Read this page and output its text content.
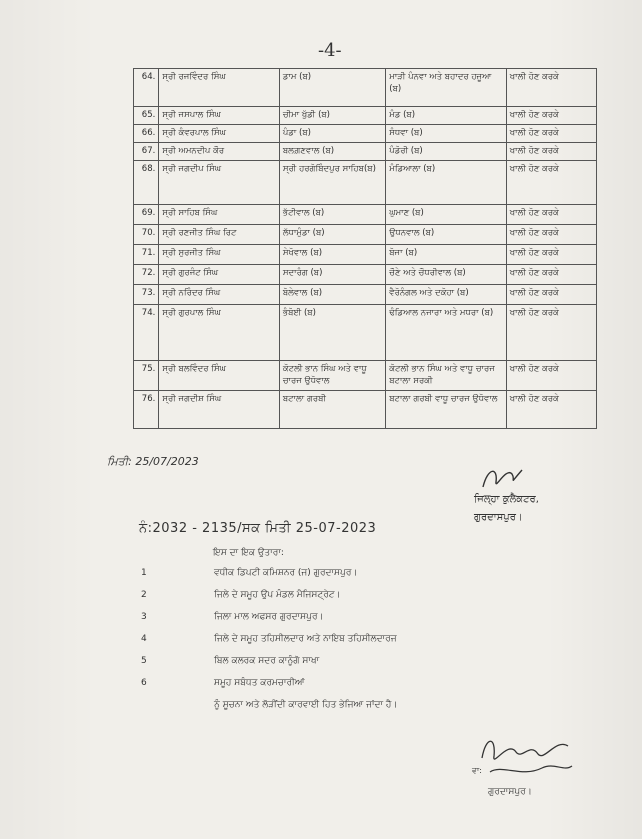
-4-
64.	ਸ੍ਰੀ ਰਜਵਿੰਦਰ ਸਿੰਘ	ਡਾਮ (ਬ)	ਮਾੜੀ ਪੰਨਵਾ ਅਤੇ ਬਹਾਦਰ ਹਜੂਆ (ਬ)	ਖਾਲੀ ਹੋਣ ਕਰਕੇ
65.	ਸ੍ਰੀ ਜਸਪਾਲ ਸਿੰਘ	ਚੀਮਾ ਖੁੱਡੀ (ਬ)	ਮੰਡ (ਬ)	ਖਾਲੀ ਹੋਣ ਕਰਕੇ
66.	ਸ੍ਰੀ ਕੰਵਰਪਾਲ ਸਿੰਘ	ਪੰਡਾ (ਬ)	ਸੰਧਵਾ (ਬ)	ਖਾਲੀ ਹੋਣ ਕਰਕੇ
67.	ਸ੍ਰੀ ਅਮਨਦੀਪ ਕੌਰ	ਬਲਗ਼ਣਵਾਲ (ਬ)	ਪੰਡੋਰੀ (ਬ)	ਖਾਲੀ ਹੋਣ ਕਰਕੇ
68.	ਸ੍ਰੀ ਜਗਦੀਪ ਸਿੰਘ	ਸ੍ਰੀ ਹਰਗੋਬਿੰਦਪੁਰ ਸਾਹਿਬ(ਬ)	ਮੰਡਿਆਲਾ (ਬ)	ਖਾਲੀ ਹੋਣ ਕਰਕੇ
69.	ਸ੍ਰੀ ਸਾਹਿਬ ਸਿੰਘ	ਭੱਟੀਵਾਲ (ਬ)	ਘੁਮਾਣ (ਬ)	ਖਾਲੀ ਹੋਣ ਕਰਕੇ
70.	ਸ੍ਰੀ ਰਣਜੀਤ ਸਿੰਘ ਰਿਟ	ਲੱਧਾਮੁੰਡਾ (ਬ)	ਉਧਨਵਾਲ (ਬ)	ਖਾਲੀ ਹੋਣ ਕਰਕੇ
71.	ਸ੍ਰੀ ਸੁਰਜੀਤ ਸਿੰਘ	ਸੇਖੋਵਾਲ (ਬ)	ਬੋਜਾ (ਬ)	ਖਾਲੀ ਹੋਣ ਕਰਕੇ
72.	ਸ੍ਰੀ ਗੁਰਜੰਟ ਸਿੰਘ	ਸਦਾਰੰਗ (ਬ)	ਚੌਣੇ ਅਤੇ ਚੌਧਰੀਵਾਲ (ਬ)	ਖਾਲੀ ਹੋਣ ਕਰਕੇ
73.	ਸ੍ਰੀ ਨਰਿੰਦਰ ਸਿੰਘ	ਬੋਲੇਵਾਲ (ਬ)	ਵੈਰੋਨੰਗਲ ਅਤੇ ਦਕੋਹਾ (ਬ)	ਖਾਲੀ ਹੋਣ ਕਰਕੇ
74.	ਸ੍ਰੀ ਗੁਰਪਾਲ ਸਿੰਘ	ਭੰਬੋਈ (ਬ)	ਢੰਡਿਆਲ ਨਜਾਰਾ ਅਤੇ ਮਧਰਾ (ਬ)	ਖਾਲੀ ਹੋਣ ਕਰਕੇ
75.	ਸ੍ਰੀ ਬਲਵਿੰਦਰ ਸਿੰਘ	ਕੋਟਲੀ ਭਾਨ ਸਿੰਘ ਅਤੇ ਵਾਧੂ ਚਾਰਜ ਉਧੋਵਾਲ	ਕੋਟਲੀ ਭਾਨ ਸਿੰਘ ਅਤੇ ਵਾਧੂ ਚਾਰਜ ਬਟਾਲਾ ਸਰਕੀ	ਖਾਲੀ ਹੋਣ ਕਰਕੇ
76.	ਸ੍ਰੀ ਜਗਦੀਸ਼ ਸਿੰਘ	ਬਟਾਲਾ ਗਰਬੀ	ਬਟਾਲਾ ਗਰਬੀ ਵਾਧੂ ਚਾਰਜ ਉਧੋਵਾਲ	ਖਾਲੀ ਹੋਣ ਕਰਕੇ
ਮਿਤੀ: 25/07/2023
ਜਿਲ੍ਹਾ ਕੁਲੈਕਟਰ,
ਗੁਰਦਾਸਪੁਰ।
ਨੰ:2032 - 2135/ਸਕ ਮਿਤੀ 25-07-2023
ਇਸ ਦਾ ਇਕ ਉਤਾਰਾ:
1	ਵਧੀਕ ਡਿਪਟੀ ਕਮਿਸ਼ਨਰ (ਜ) ਗੁਰਦਾਸਪੁਰ।
2	ਜਿਲੇ ਦੇ ਸਮੂਹ ਉਪ ਮੰਡਲ ਮੈਜਿਸਟ੍ਰੇਟ।
3	ਜਿਲਾ ਮਾਲ ਅਫਸਰ ਗੁਰਦਾਸਪੁਰ।
4	ਜਿਲੇ ਦੇ ਸਮੂਹ ਤਹਿਸੀਲਦਾਰ ਅਤੇ ਨਾਇਬ ਤਹਿਸੀਲਦਾਰਜ
5	ਬਿਲ ਕਲਰਕ ਸਦਰ ਕਾਨੂੰਗੋ ਸਾਖਾ
6	ਸਮੂਹ ਸਬੰਧਤ ਕਰਮਚਾਰੀਆਂ
ਨੂੰ ਸੂਚਨਾ ਅਤੇ ਲੋੜੀਂਦੀ ਕਾਰਵਾਈ ਹਿਤ ਭੇਜਿਆ ਜਾਂਦਾ ਹੈ।
ਵਾ:
ਗੁਰਦਾਸਪੁਰ।
